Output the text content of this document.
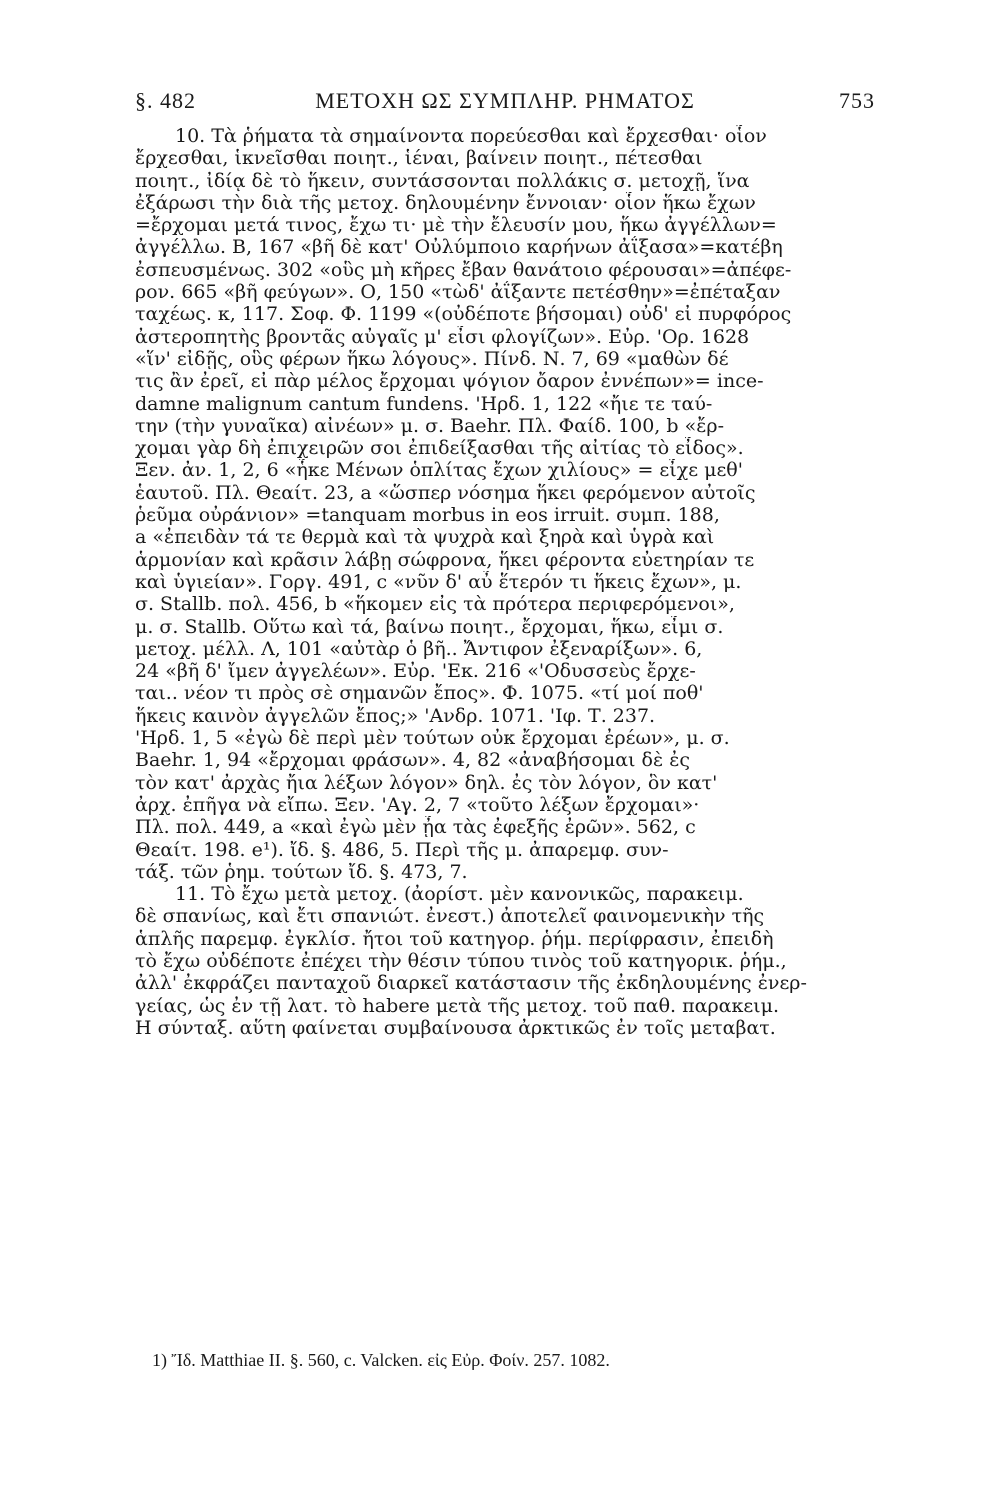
§. 482	ΜΕΤΟΧΗ ΩΣ ΣΥΜΠΛΗΡ. ΡΗΜΑΤΟΣ	753
10. Τὰ ῥήματα τὰ σημαίνοντα πορεύεσθαι καὶ ἔρχεσθαι· οἷον
ἔρχεσθαι, ἱκνεῖσθαι ποιητ., ἱέναι, βαίνειν ποιητ., πέτεσθαι
ποιητ., ἰδίᾳ δὲ τὸ ἥκειν, συντάσσονται πολλάκις σ. μετοχῇ, ἵνα
ἐξάρωσι τὴν διὰ τῆς μετοχ. δηλουμένην ἔννοιαν· οἷον ἥκω ἔχων
=ἔρχομαι μετά τινος, ἔχω τι· μὲ τὴν ἔλευσίν μου, ἥκω ἀγγέλλων=
ἀγγέλλω. Β, 167 «βῆ δὲ κατ' Οὐλύμποιο καρήνων ἀΐξασα»=κατέβη
ἐσπευσμένως. 302 «οὓς μὴ κῆρες ἔβαν θανάτοιο φέρουσαι»=ἀπέφε-
ρον. 665 «βῆ φεύγων». Ο, 150 «τὼδ' ἀΐξαντε πετέσθην»=ἐπέταξαν
ταχέως. κ, 117. Σοφ. Φ. 1199 «(οὐδέποτε βήσομαι) οὐδ' εἰ πυρφόρος
ἀστεροπητὴς βροντᾶς αὐγαῖς μ' εἶσι φλογίζων». Εὐρ. 'Ορ. 1628
«ἵν' εἰδῇς, οὓς φέρων ἥκω λόγους». Πίνδ. Ν. 7, 69 «μαθὼν δέ
τις ἂν ἐρεῖ, εἰ πὰρ μέλος ἔρχομαι ψόγιον ὄαρον ἐννέπων»= ince-
damne malignum cantum fundens. 'Ηρδ. 1, 122 «ἤιε τε ταύ-
την (τὴν γυναῖκα) αἰνέων» μ. σ. Baehr. Πλ. Φαίδ. 100, b «ἔρ-
χομαι γὰρ δὴ ἐπιχειρῶν σοι ἐπιδείξασθαι τῆς αἰτίας τὸ εἶδος».
Ξεν. ἀν. 1, 2, 6 «ἧκε Μένων ὁπλίτας ἔχων χιλίους» = εἶχε μεθ'
ἑαυτοῦ. Πλ. Θεαίτ. 23, a «ὥσπερ νόσημα ἥκει φερόμενον αὐτοῖς
ῥεῦμα οὐράνιον» =tanquam morbus in eos irruit. συμπ. 188,
a «ἐπειδὰν τά τε θερμὰ καὶ τὰ ψυχρὰ καὶ ξηρὰ καὶ ὑγρὰ καὶ
ἁρμονίαν καὶ κρᾶσιν λάβῃ σώφρονα, ἥκει φέροντα εὐετηρίαν τε
καὶ ὑγιείαν». Γοργ. 491, c «νῦν δ' αὖ ἕτερόν τι ἥκεις ἔχων», μ.
σ. Stallb. πολ. 456, b «ἥκομεν εἰς τὰ πρότερα περιφερόμενοι»,
μ. σ. Stallb. Οὕτω καὶ τά, βαίνω ποιητ., ἔρχομαι, ἥκω, εἶμι σ.
μετοχ. μέλλ. Λ, 101 «αὐτὰρ ὁ βῆ.. Ἄντιφον ἐξεναρίξων». 6,
24 «βῆ δ' ἴμεν ἀγγελέων». Εὐρ. 'Εκ. 216 «'Οδυσσεὺς ἔρχε-
ται.. νέον τι πρὸς σὲ σημανῶν ἔπος». Φ. 1075. «τί μοί ποθ'
ἥκεις καινὸν ἀγγελῶν ἔπος;» 'Ανδρ. 1071. 'Ιφ. Τ. 237.
'Ηρδ. 1, 5 «ἐγὼ δὲ περὶ μὲν τούτων οὐκ ἔρχομαι ἐρέων», μ. σ.
Baehr. 1, 94 «ἔρχομαι φράσων». 4, 82 «ἀναβήσομαι δὲ ἐς
τὸν κατ' ἀρχὰς ἤια λέξων λόγον» δηλ. ἐς τὸν λόγον, ὃν κατ'
ἀρχ. ἐπῆγα νὰ εἴπω. Ξεν. 'Αγ. 2, 7 «τοῦτο λέξων ἔρχομαι»·
Πλ. πολ. 449, a «καὶ ἐγὼ μὲν ᾖα τὰς ἐφεξῆς ἐρῶν». 562, c
Θεαίτ. 198. e¹). ἴδ. §. 486, 5. Περὶ τῆς μ. ἀπαρεμφ. συν-
τάξ. τῶν ῥημ. τούτων ἴδ. §. 473, 7.
11. Τὸ ἔχω μετὰ μετοχ. (ἀορίστ. μὲν κανονικῶς, παρακειμ.
δὲ σπανίως, καὶ ἔτι σπανιώτ. ἐνεστ.) ἀποτελεῖ φαινομενικὴν τῆς
ἁπλῆς παρεμφ. ἐγκλίσ. ἤτοι τοῦ κατηγορ. ῥήμ. περίφρασιν, ἐπειδὴ
τὸ ἔχω οὐδέποτε ἐπέχει τὴν θέσιν τύπου τινὸς τοῦ κατηγορικ. ῥήμ.,
ἀλλ' ἐκφράζει πανταχοῦ διαρκεῖ κατάστασιν τῆς ἐκδηλουμένης ἐνερ-
γείας, ὡς ἐν τῇ λατ. τὸ habere μετὰ τῆς μετοχ. τοῦ παθ. παρακειμ.
Η σύνταξ. αὕτη φαίνεται συμβαίνουσα ἀρκτικῶς ἐν τοῖς μεταβατ.
1) Ἴδ. Matthiae II. §. 560, c. Valcken. εἰς Εὐρ. Φοίν. 257. 1082.
